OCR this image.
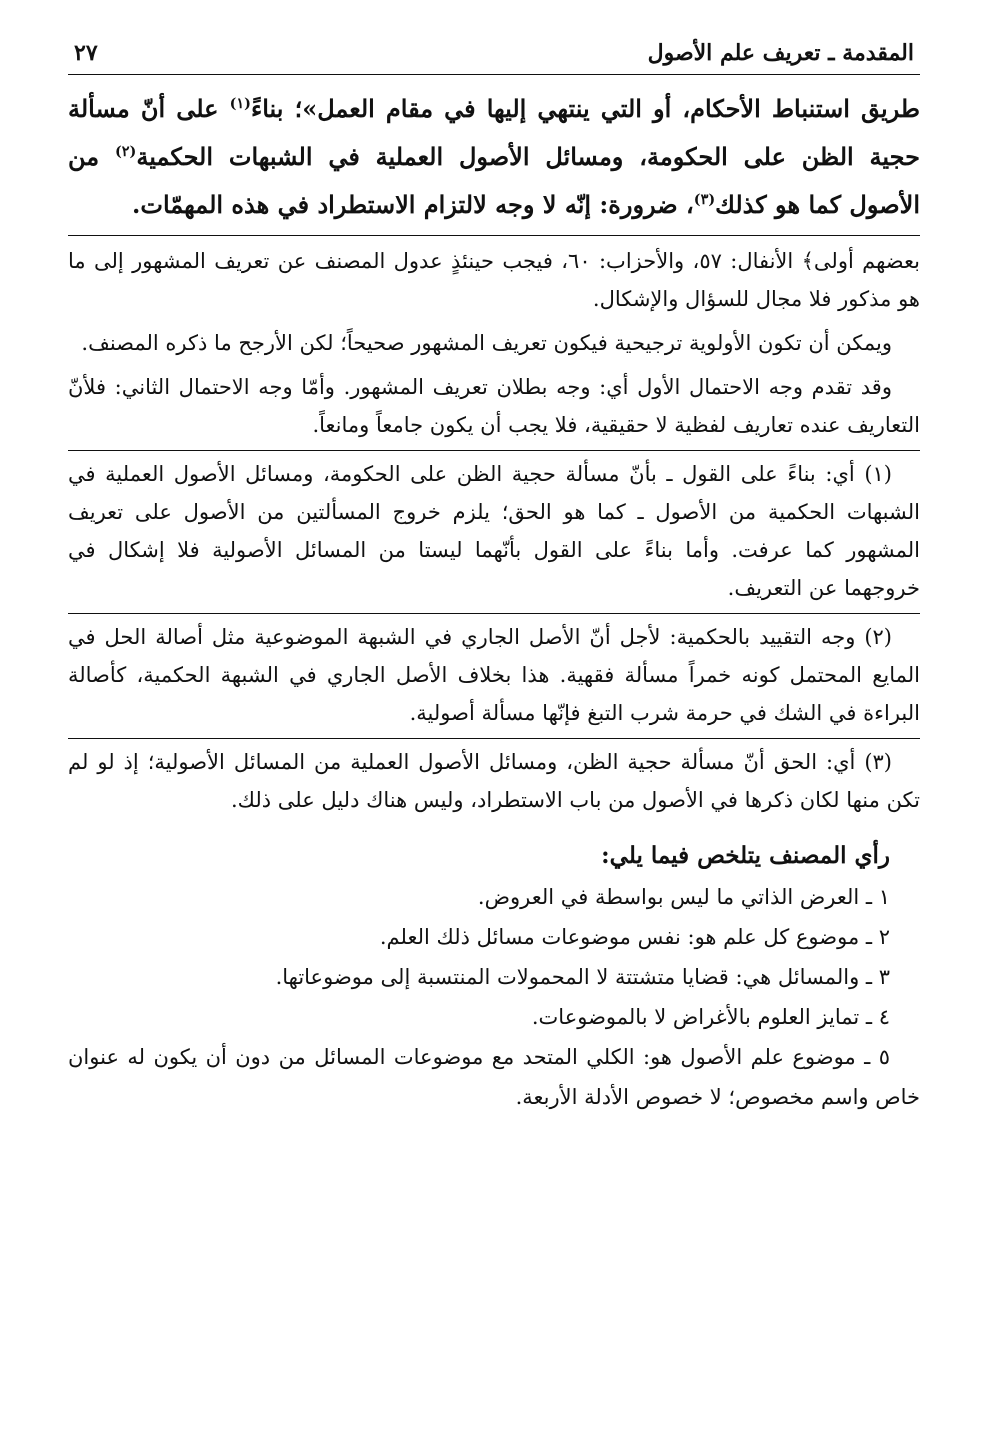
المقدمة ـ تعريف علم الأصول
٢٧
طريق استنباط الأحكام، أو التي ينتهي إليها في مقام العمل»؛ بناءً$^{(١)}$ على أنّ مسألة حجية الظن على الحكومة، ومسائل الأصول العملية في الشبهات الحكمية$^{(٢)}$ من الأصول كما هو كذلك$^{(٣)}$، ضرورة: إنّه لا وجه لالتزام الاستطراد في هذه المهمّات.

بعضهم أولى﴾ الأنفال: ٥٧، والأحزاب: ٦٠، فيجب حينئذٍ عدول المصنف عن تعريف المشهور إلى ما هو مذكور فلا مجال للسؤال والإشكال.

ويمكن أن تكون الأولوية ترجيحية فيكون تعريف المشهور صحيحاً؛ لكن الأرجح ما ذكره المصنف.

وقد تقدم وجه الاحتمال الأول أي: وجه بطلان تعريف المشهور. وأمّا وجه الاحتمال الثاني: فلأنّ التعاريف عنده تعاريف لفظية لا حقيقية، فلا يجب أن يكون جامعاً ومانعاً.

(١) أي: بناءً على القول ـ بأنّ مسألة حجية الظن على الحكومة، ومسائل الأصول العملية في الشبهات الحكمية من الأصول ـ كما هو الحق؛ يلزم خروج المسألتين من الأصول على تعريف المشهور كما عرفت. وأما بناءً على القول بأنّهما ليستا من المسائل الأصولية فلا إشكال في خروجهما عن التعريف.

(٢) وجه التقييد بالحكمية: لأجل أنّ الأصل الجاري في الشبهة الموضوعية مثل أصالة الحل في المايع المحتمل كونه خمراً مسألة فقهية. هذا بخلاف الأصل الجاري في الشبهة الحكمية، كأصالة البراءة في الشك في حرمة شرب التبغ فإنّها مسألة أصولية.

(٣) أي: الحق أنّ مسألة حجية الظن، ومسائل الأصول العملية من المسائل الأصولية؛ إذ لو لم تكن منها لكان ذكرها في الأصول من باب الاستطراد، وليس هناك دليل على ذلك.

رأي المصنف يتلخص فيما يلي:
١ ـ العرض الذاتي ما ليس بواسطة في العروض.
٢ ـ موضوع كل علم هو: نفس موضوعات مسائل ذلك العلم.
٣ ـ والمسائل هي: قضايا متشتتة لا المحمولات المنتسبة إلى موضوعاتها.
٤ ـ تمايز العلوم بالأغراض لا بالموضوعات.
٥ ـ موضوع علم الأصول هو: الكلي المتحد مع موضوعات المسائل من دون أن يكون له عنوان خاص واسم مخصوص؛ لا خصوص الأدلة الأربعة.
